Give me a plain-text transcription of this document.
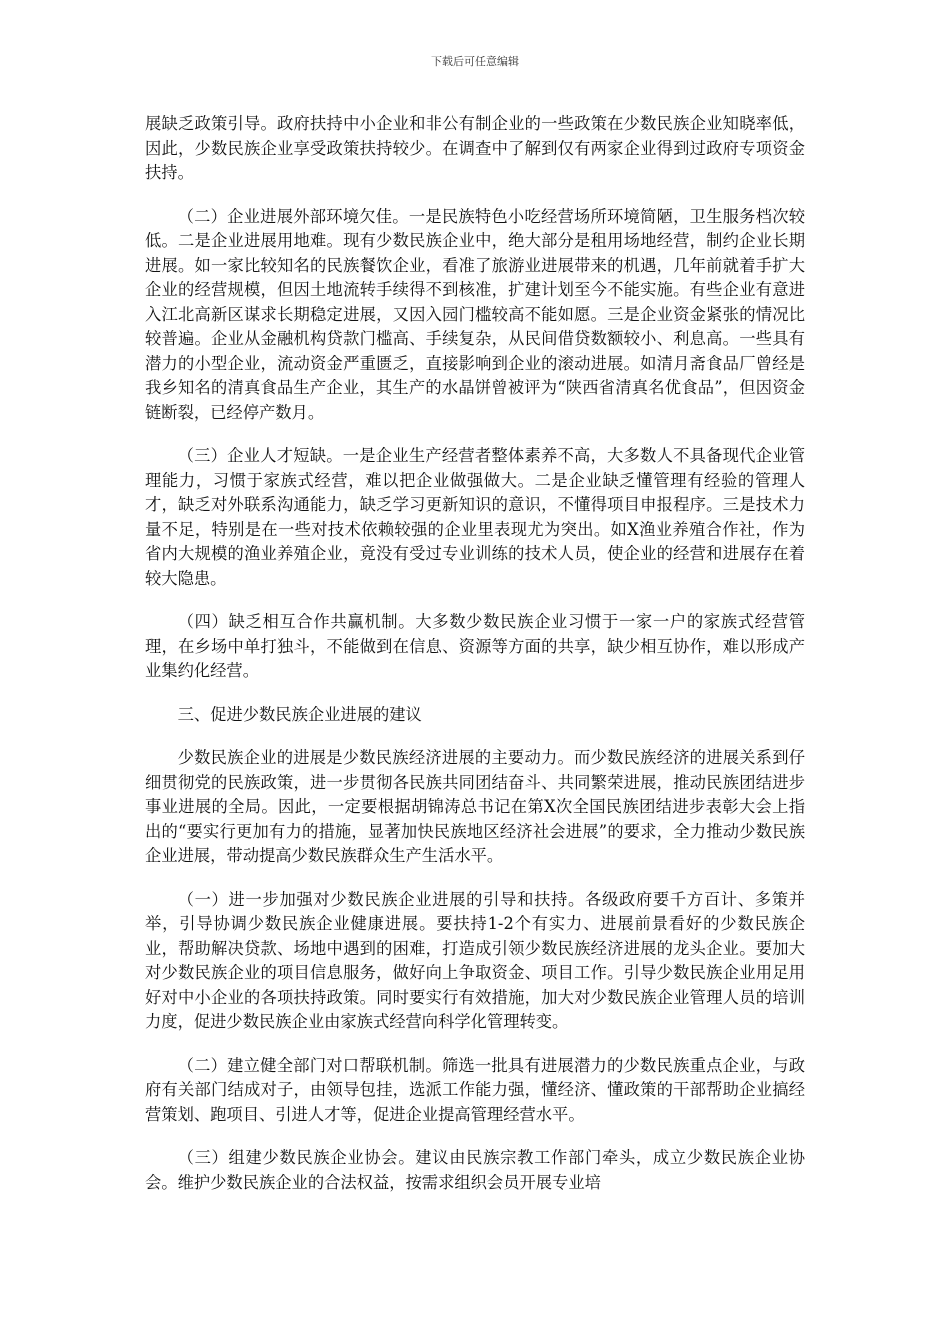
下载后可任意编辑

展缺乏政策引导。政府扶持中小企业和非公有制企业的一些政策在少数民族企业知晓率低，因此，少数民族企业享受政策扶持较少。在调查中了解到仅有两家企业得到过政府专项资金扶持。

（二）企业进展外部环境欠佳。一是民族特色小吃经营场所环境简陋，卫生服务档次较低。二是企业进展用地难。现有少数民族企业中，绝大部分是租用场地经营，制约企业长期进展。如一家比较知名的民族餐饮企业，看准了旅游业进展带来的机遇，几年前就着手扩大企业的经营规模，但因土地流转手续得不到核准，扩建计划至今不能实施。有些企业有意进入江北高新区谋求长期稳定进展，又因入园门槛较高不能如愿。三是企业资金紧张的情况比较普遍。企业从金融机构贷款门槛高、手续复杂，从民间借贷数额较小、利息高。一些具有潜力的小型企业，流动资金严重匮乏，直接影响到企业的滚动进展。如清月斋食品厂曾经是我乡知名的清真食品生产企业，其生产的水晶饼曾被评为“陕西省清真名优食品”，但因资金链断裂，已经停产数月。

（三）企业人才短缺。一是企业生产经营者整体素养不高，大多数人不具备现代企业管理能力，习惯于家族式经营，难以把企业做强做大。二是企业缺乏懂管理有经验的管理人才，缺乏对外联系沟通能力，缺乏学习更新知识的意识，不懂得项目申报程序。三是技术力量不足，特别是在一些对技术依赖较强的企业里表现尤为突出。如X渔业养殖合作社，作为省内大规模的渔业养殖企业，竟没有受过专业训练的技术人员，使企业的经营和进展存在着较大隐患。

（四）缺乏相互合作共赢机制。大多数少数民族企业习惯于一家一户的家族式经营管理，在乡场中单打独斗，不能做到在信息、资源等方面的共享，缺少相互协作，难以形成产业集约化经营。

三、促进少数民族企业进展的建议

少数民族企业的进展是少数民族经济进展的主要动力。而少数民族经济的进展关系到仔细贯彻党的民族政策，进一步贯彻各民族共同团结奋斗、共同繁荣进展，推动民族团结进步事业进展的全局。因此，一定要根据胡锦涛总书记在第X次全国民族团结进步表彰大会上指出的“要实行更加有力的措施，显著加快民族地区经济社会进展”的要求，全力推动少数民族企业进展，带动提高少数民族群众生产生活水平。

（一）进一步加强对少数民族企业进展的引导和扶持。各级政府要千方百计、多策并举，引导协调少数民族企业健康进展。要扶持1-2个有实力、进展前景看好的少数民族企业，帮助解决贷款、场地中遇到的困难，打造成引领少数民族经济进展的龙头企业。要加大对少数民族企业的项目信息服务，做好向上争取资金、项目工作。引导少数民族企业用足用好对中小企业的各项扶持政策。同时要实行有效措施，加大对少数民族企业管理人员的培训力度，促进少数民族企业由家族式经营向科学化管理转变。

（二）建立健全部门对口帮联机制。筛选一批具有进展潜力的少数民族重点企业，与政府有关部门结成对子，由领导包挂，选派工作能力强，懂经济、懂政策的干部帮助企业搞经营策划、跑项目、引进人才等，促进企业提高管理经营水平。

（三）组建少数民族企业协会。建议由民族宗教工作部门牵头，成立少数民族企业协会。维护少数民族企业的合法权益，按需求组织会员开展专业培
